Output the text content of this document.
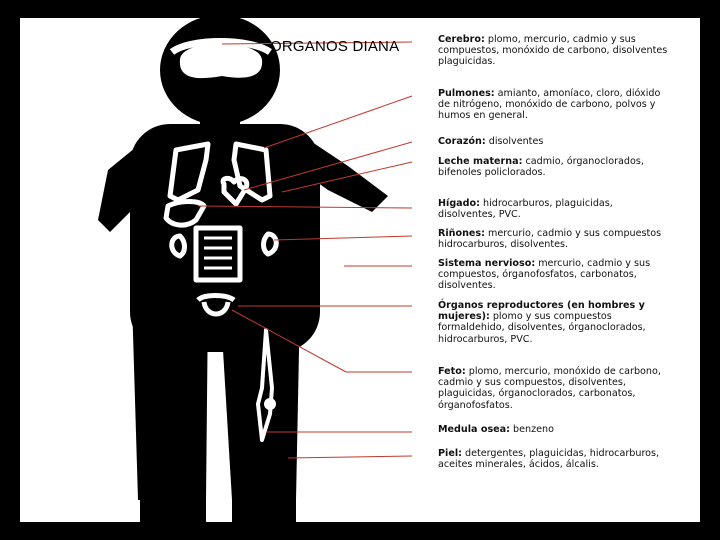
ORGANOS DIANA	Cerebro: plomo, mercurio, cadmio y sus compuestos, monóxido de carbono, disolventes plaguicidas.
Pulmones: amianto, amoníaco, cloro, dióxido de nitrógeno, monóxido de carbono, polvos y humos en general.
Corazón: disolventes
Leche materna: cadmio, órganoclorados, bifenoles policlorados.
Hígado: hidrocarburos, plaguicidas, disolventes, PVC.
Riñones: mercurio, cadmio y sus compuestos hidrocarburos, disolventes.
Sistema nervioso: mercurio, cadmio y sus compuestos, órganofosfatos, carbonatos, disolventes.
Órganos reproductores (en hombres y mujeres): plomo y sus compuestos formaldehido, disolventes, órganoclorados, hidrocarburos, PVC.
Feto: plomo, mercurio, monóxido de carbono, cadmio y sus compuestos, disolventes, plaguicidas, órganoclorados, carbonatos, órganofosfatos.
Medula osea: benzeno
Piel: detergentes, plaguicidas, hidrocarburos, aceites minerales, ácidos, álcalis.
